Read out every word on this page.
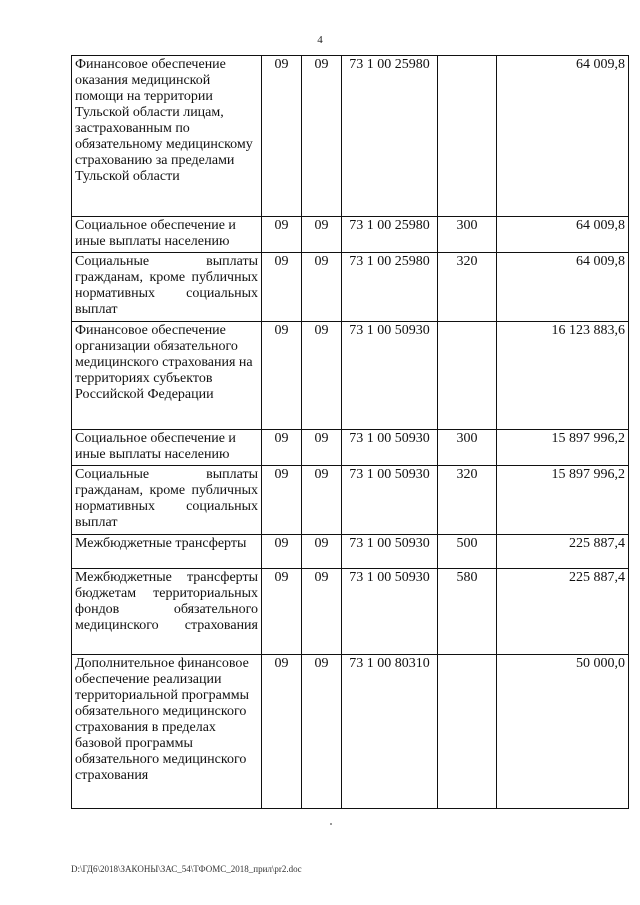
4
Финансовое обеспечение оказания медицинской помощи на территории Тульской области лицам, застрахованным по обязательному медицинскому страхованию за пределами Тульской области	09	09	73 1 00 25980		64 009,8
Социальное обеспечение и иные выплаты населению	09	09	73 1 00 25980	300	64 009,8
Социальные выплаты гражданам, кроме публичных нормативных социальных выплат	09	09	73 1 00 25980	320	64 009,8
Финансовое обеспечение организации обязательного медицинского страхования на территориях субъектов Российской Федерации	09	09	73 1 00 50930		16 123 883,6
Социальное обеспечение и иные выплаты населению	09	09	73 1 00 50930	300	15 897 996,2
Социальные выплаты гражданам, кроме публичных нормативных социальных выплат	09	09	73 1 00 50930	320	15 897 996,2
Межбюджетные трансферты	09	09	73 1 00 50930	500	225 887,4
Межбюджетные трансферты бюджетам территориальных фондов обязательного медицинского страхования	09	09	73 1 00 50930	580	225 887,4
Дополнительное финансовое обеспечение реализации территориальной программы обязательного медицинского страхования в пределах базовой программы обязательного медицинского страхования	09	09	73 1 00 80310		50 000,0
D:\ГД6\2018\ЗАКОНЫ\ЗАС_54\ТФОМС_2018_прил\pr2.doc
